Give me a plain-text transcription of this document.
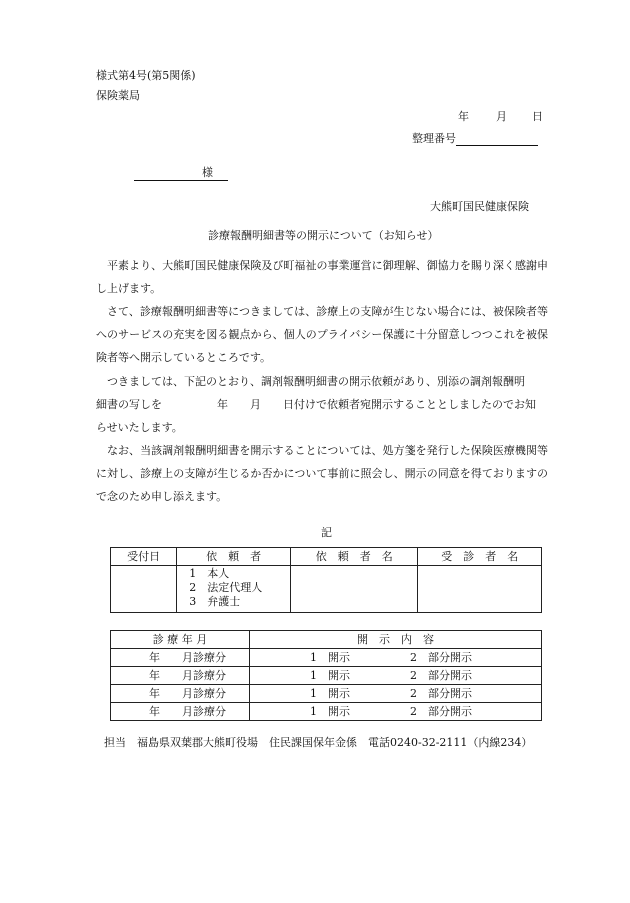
様式第4号(第5関係)
保険薬局
年 月 日
整理番号
様
大熊町国民健康保険
診療報酬明細書等の開示について（お知らせ）
平素より、大熊町国民健康保険及び町福祉の事業運営に御理解、御協力を賜り深く感謝申し上げます。
さて、診療報酬明細書等につきましては、診療上の支障が生じない場合には、被保険者等へのサービスの充実を図る観点から、個人のプライバシー保護に十分留意しつつこれを被保険者等へ開示しているところです。
つきましては、下記のとおり、調剤報酬明細書の開示依頼があり、別添の調剤報酬明
細書の写しを　　　　　年　　月　　日付けで依頼者宛開示することとしましたのでお知
らせいたします。
なお、当該調剤報酬明細書を開示することについては、処方箋を発行した保険医療機関等に対し、診療上の支障が生じるか否かについて事前に照会し、開示の同意を得ておりますので念のため申し添えます。
記
受付日	依　頼　者	依　頼　者　名	受　診　者　名

	1　本人
2　法定代理人
3　弁護士		

診 療 年 月	開　示　内　容
年　　月診療分	1　開示 2　部分開示
年　　月診療分	1　開示 2　部分開示
年　　月診療分	1　開示 2　部分開示
年　　月診療分	1　開示 2　部分開示
担当　福島県双葉郡大熊町役場　住民課国保年金係　電話0240-32-2111（内線234）
